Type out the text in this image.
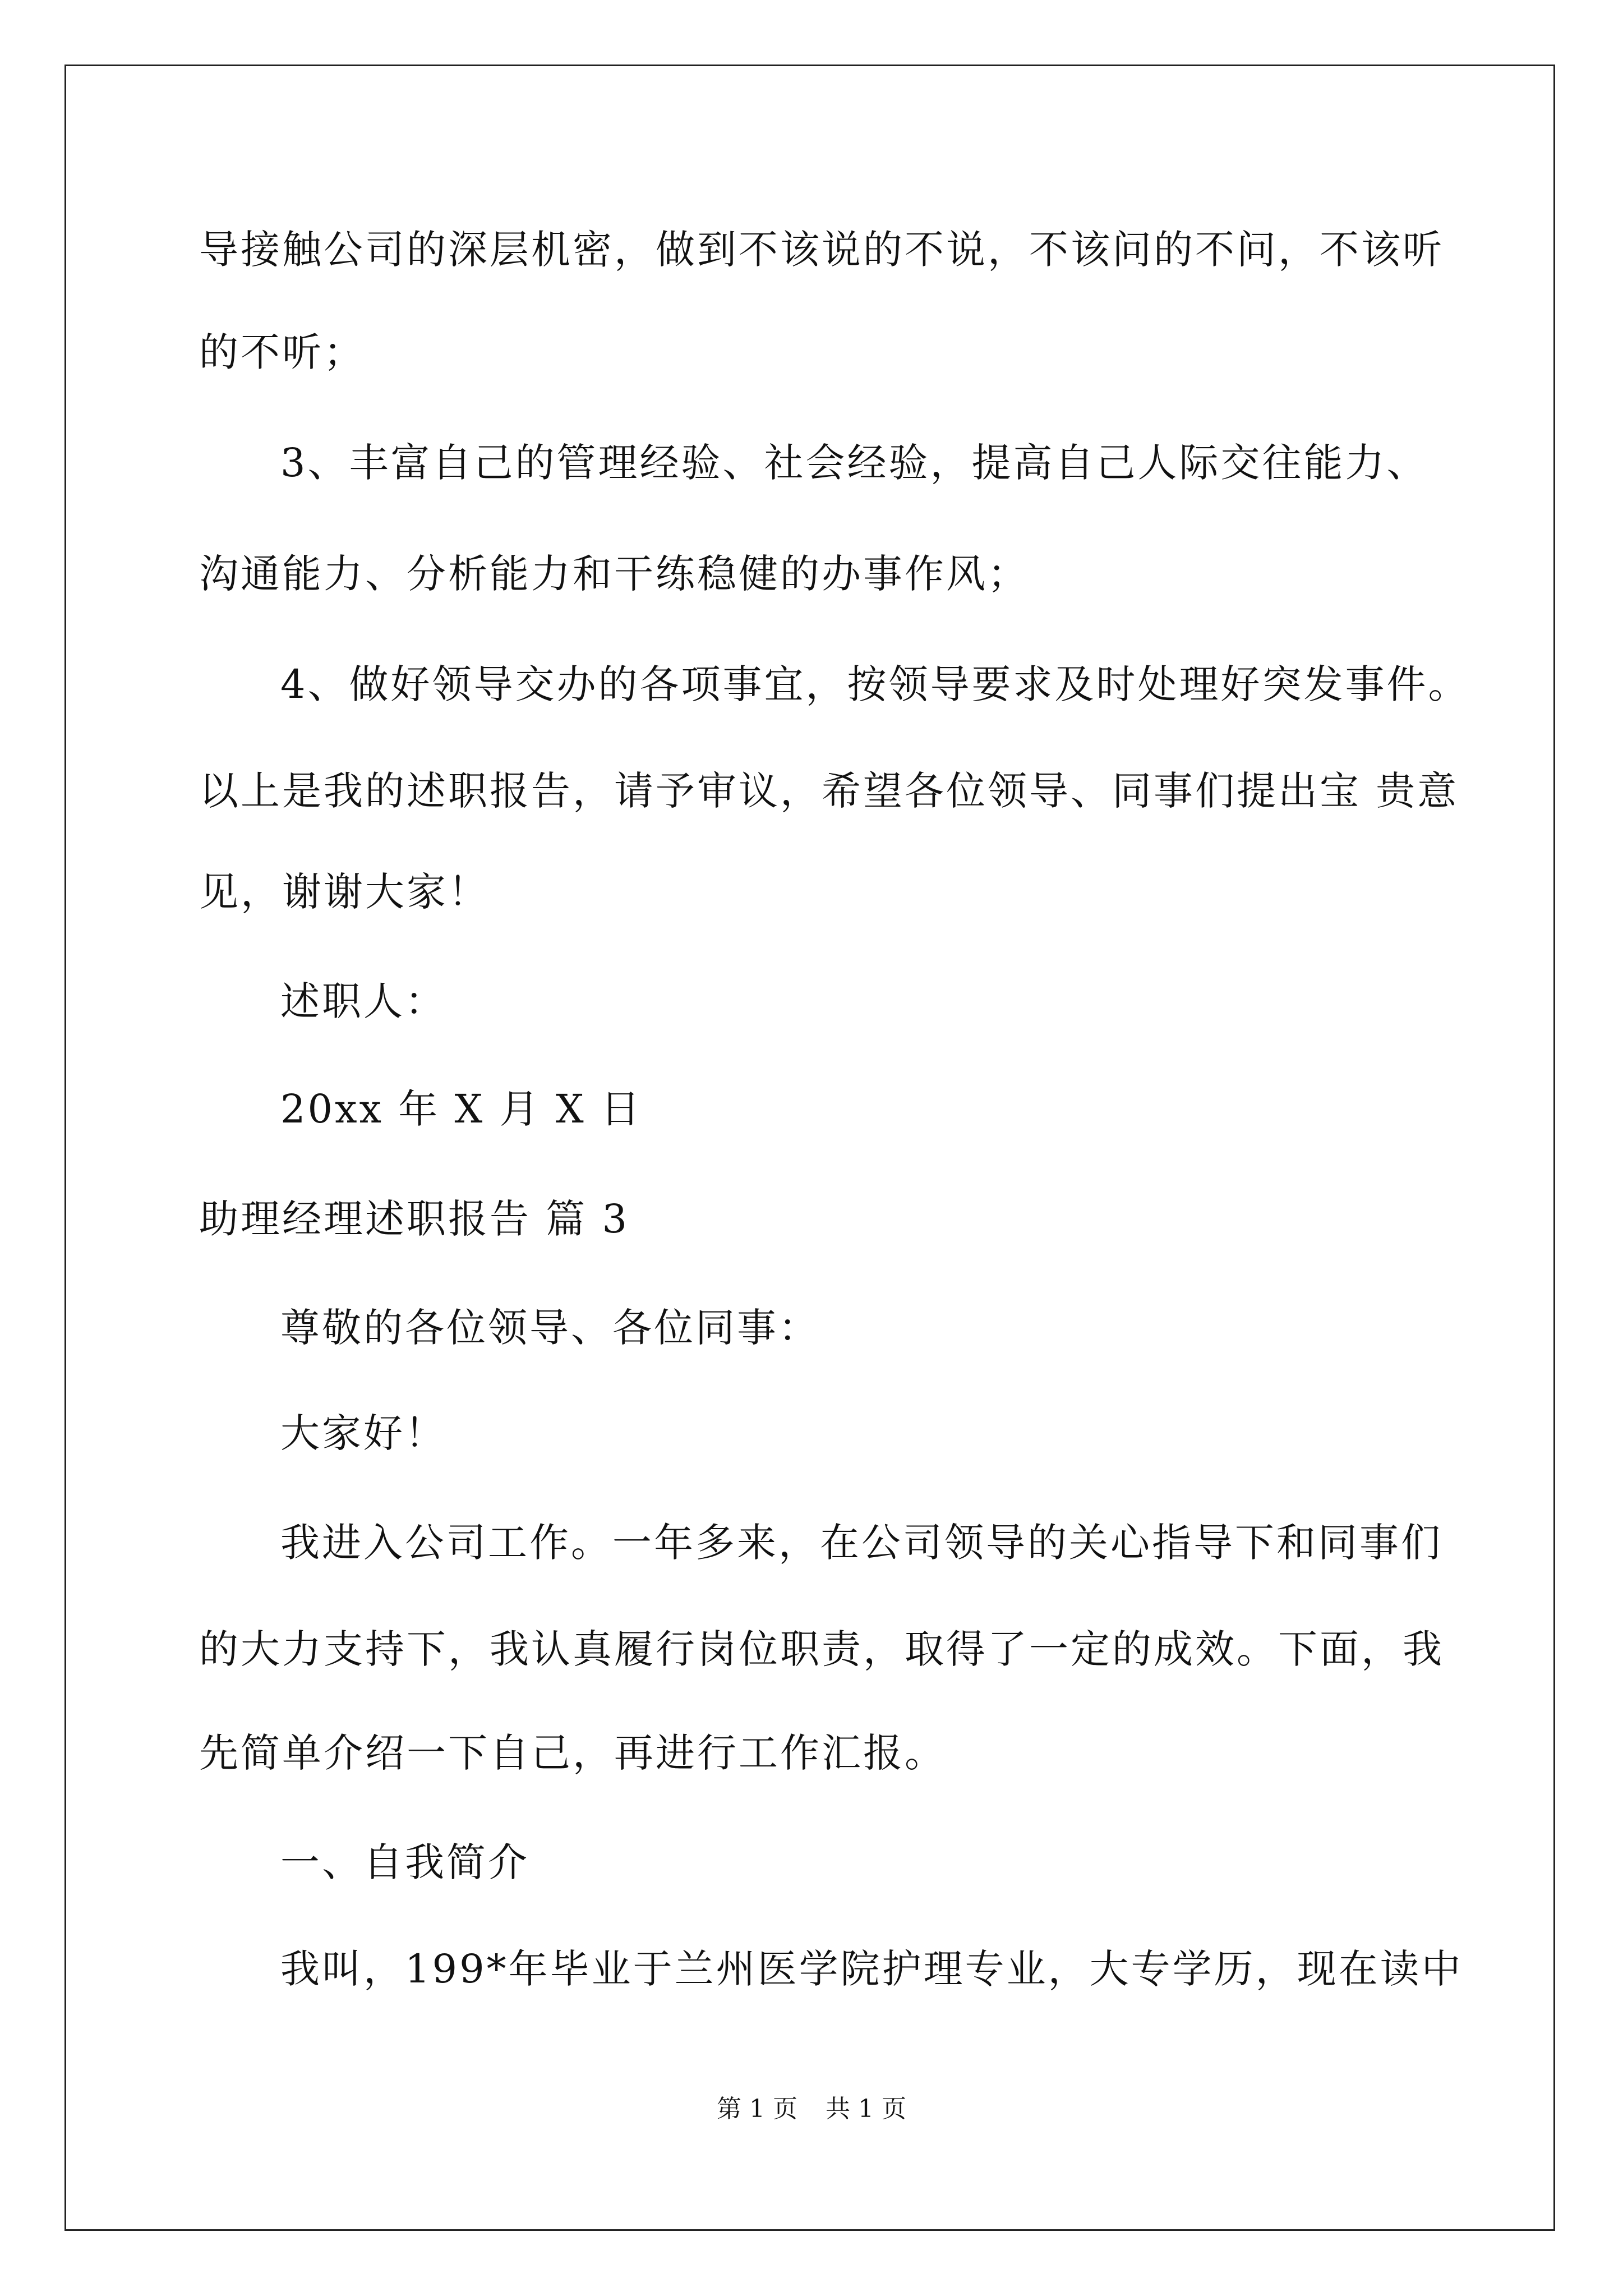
导接触公司的深层机密，做到不该说的不说，不该问的不问，不该听
的不听；
3、丰富自己的管理经验、社会经验，提高自己人际交往能力、
沟通能力、分析能力和干练稳健的办事作风；
4、做好领导交办的各项事宜，按领导要求及时处理好突发事件。
以上是我的述职报告，请予审议，希望各位领导、同事们提出宝 贵意
见，谢谢大家！
述职人：
20xx 年 X 月 X 日
助理经理述职报告 篇 3
尊敬的各位领导、各位同事：
大家好！
我进入公司工作。一年多来，在公司领导的关心指导下和同事们
的大力支持下，我认真履行岗位职责，取得了一定的成效。下面，我
先简单介绍一下自己，再进行工作汇报。
一、自我简介
我叫，199*年毕业于兰州医学院护理专业，大专学历，现在读中
第 1 页 共 1 页
